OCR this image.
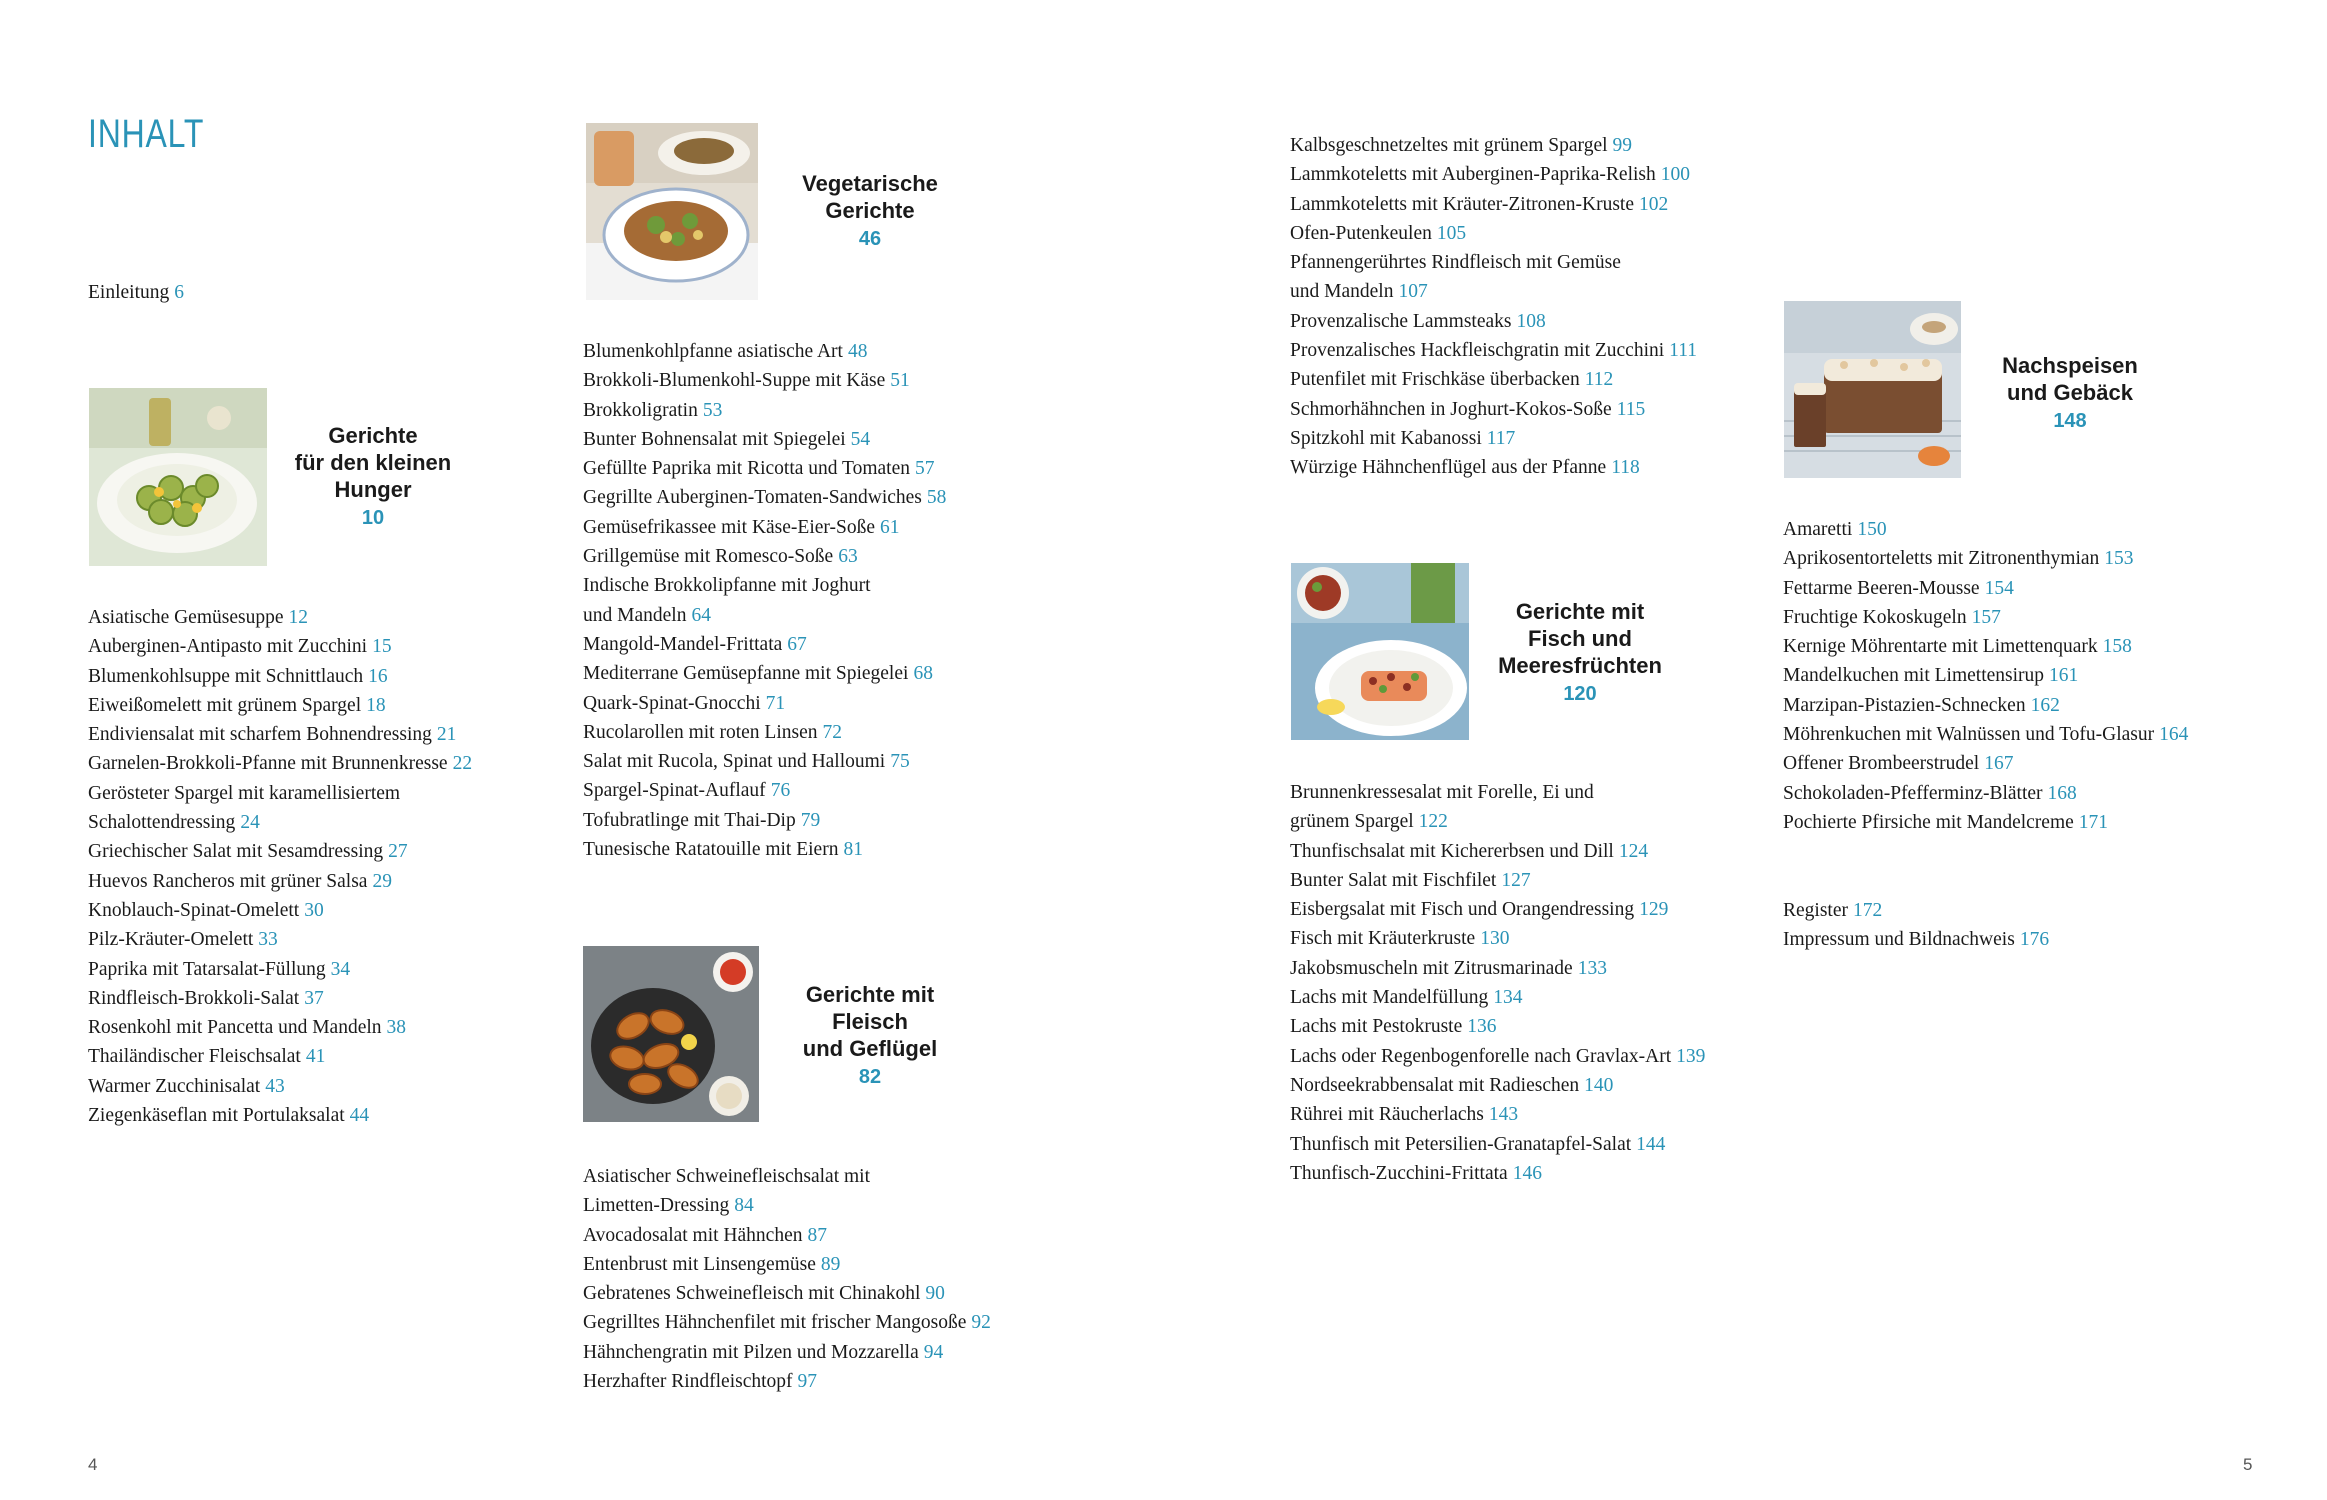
INHALT
Einleitung 6
Gerichte
für den kleinen
Hunger
10
Asiatische Gemüsesuppe 12
Auberginen-Antipasto mit Zucchini 15
Blumenkohlsuppe mit Schnittlauch 16
Eiweißomelett mit grünem Spargel 18
Endiviensalat mit scharfem Bohnendressing 21
Garnelen-Brokkoli-Pfanne mit Brunnenkresse 22
Gerösteter Spargel mit karamellisiertem
Schalottendressing 24
Griechischer Salat mit Sesamdressing 27
Huevos Rancheros mit grüner Salsa 29
Knoblauch-Spinat-Omelett 30
Pilz-Kräuter-Omelett 33
Paprika mit Tatarsalat-Füllung 34
Rindfleisch-Brokkoli-Salat 37
Rosenkohl mit Pancetta und Mandeln 38
Thailändischer Fleischsalat 41
Warmer Zucchinisalat 43
Ziegenkäseflan mit Portulaksalat 44
Vegetarische
Gerichte
46
Blumenkohlpfanne asiatische Art 48
Brokkoli-Blumenkohl-Suppe mit Käse 51
Brokkoligratin 53
Bunter Bohnensalat mit Spiegelei 54
Gefüllte Paprika mit Ricotta und Tomaten 57
Gegrillte Auberginen-Tomaten-Sandwiches 58
Gemüsefrikassee mit Käse-Eier-Soße 61
Grillgemüse mit Romesco-Soße 63
Indische Brokkolipfanne mit Joghurt
und Mandeln 64
Mangold-Mandel-Frittata 67
Mediterrane Gemüsepfanne mit Spiegelei 68
Quark-Spinat-Gnocchi 71
Rucolarollen mit roten Linsen 72
Salat mit Rucola, Spinat und Halloumi 75
Spargel-Spinat-Auflauf 76
Tofubratlinge mit Thai-Dip 79
Tunesische Ratatouille mit Eiern 81
Gerichte mit
Fleisch
und Geflügel
82
Asiatischer Schweinefleischsalat mit
Limetten-Dressing 84
Avocadosalat mit Hähnchen 87
Entenbrust mit Linsengemüse 89
Gebratenes Schweinefleisch mit Chinakohl 90
Gegrilltes Hähnchenfilet mit frischer Mangosoße 92
Hähnchengratin mit Pilzen und Mozzarella 94
Herzhafter Rindfleischtopf 97
Kalbsgeschnetzeltes mit grünem Spargel 99
Lammkoteletts mit Auberginen-Paprika-Relish 100
Lammkoteletts mit Kräuter-Zitronen-Kruste 102
Ofen-Putenkeulen 105
Pfannengerührtes Rindfleisch mit Gemüse
und Mandeln 107
Provenzalische Lammsteaks 108
Provenzalisches Hackfleischgratin mit Zucchini 111
Putenfilet mit Frischkäse überbacken 112
Schmorhähnchen in Joghurt-Kokos-Soße 115
Spitzkohl mit Kabanossi 117
Würzige Hähnchenflügel aus der Pfanne 118
Gerichte mit
Fisch und
Meeresfrüchten
120
Brunnenkressesalat mit Forelle, Ei und
grünem Spargel 122
Thunfischsalat mit Kichererbsen und Dill 124
Bunter Salat mit Fischfilet 127
Eisbergsalat mit Fisch und Orangendressing 129
Fisch mit Kräuterkruste 130
Jakobsmuscheln mit Zitrusmarinade 133
Lachs mit Mandelfüllung 134
Lachs mit Pestokruste 136
Lachs oder Regenbogenforelle nach Gravlax-Art 139
Nordseekrabbensalat mit Radieschen 140
Rührei mit Räucherlachs 143
Thunfisch mit Petersilien-Granatapfel-Salat 144
Thunfisch-Zucchini-Frittata 146
Nachspeisen
und Gebäck
148
Amaretti 150
Aprikosentorteletts mit Zitronenthymian 153
Fettarme Beeren-Mousse 154
Fruchtige Kokoskugeln 157
Kernige Möhrentarte mit Limettenquark 158
Mandelkuchen mit Limettensirup 161
Marzipan-Pistazien-Schnecken 162
Möhrenkuchen mit Walnüssen und Tofu-Glasur 164
Offener Brombeerstrudel 167
Schokoladen-Pfefferminz-Blätter 168
Pochierte Pfirsiche mit Mandelcreme 171
Register 172
Impressum und Bildnachweis 176
4	5
